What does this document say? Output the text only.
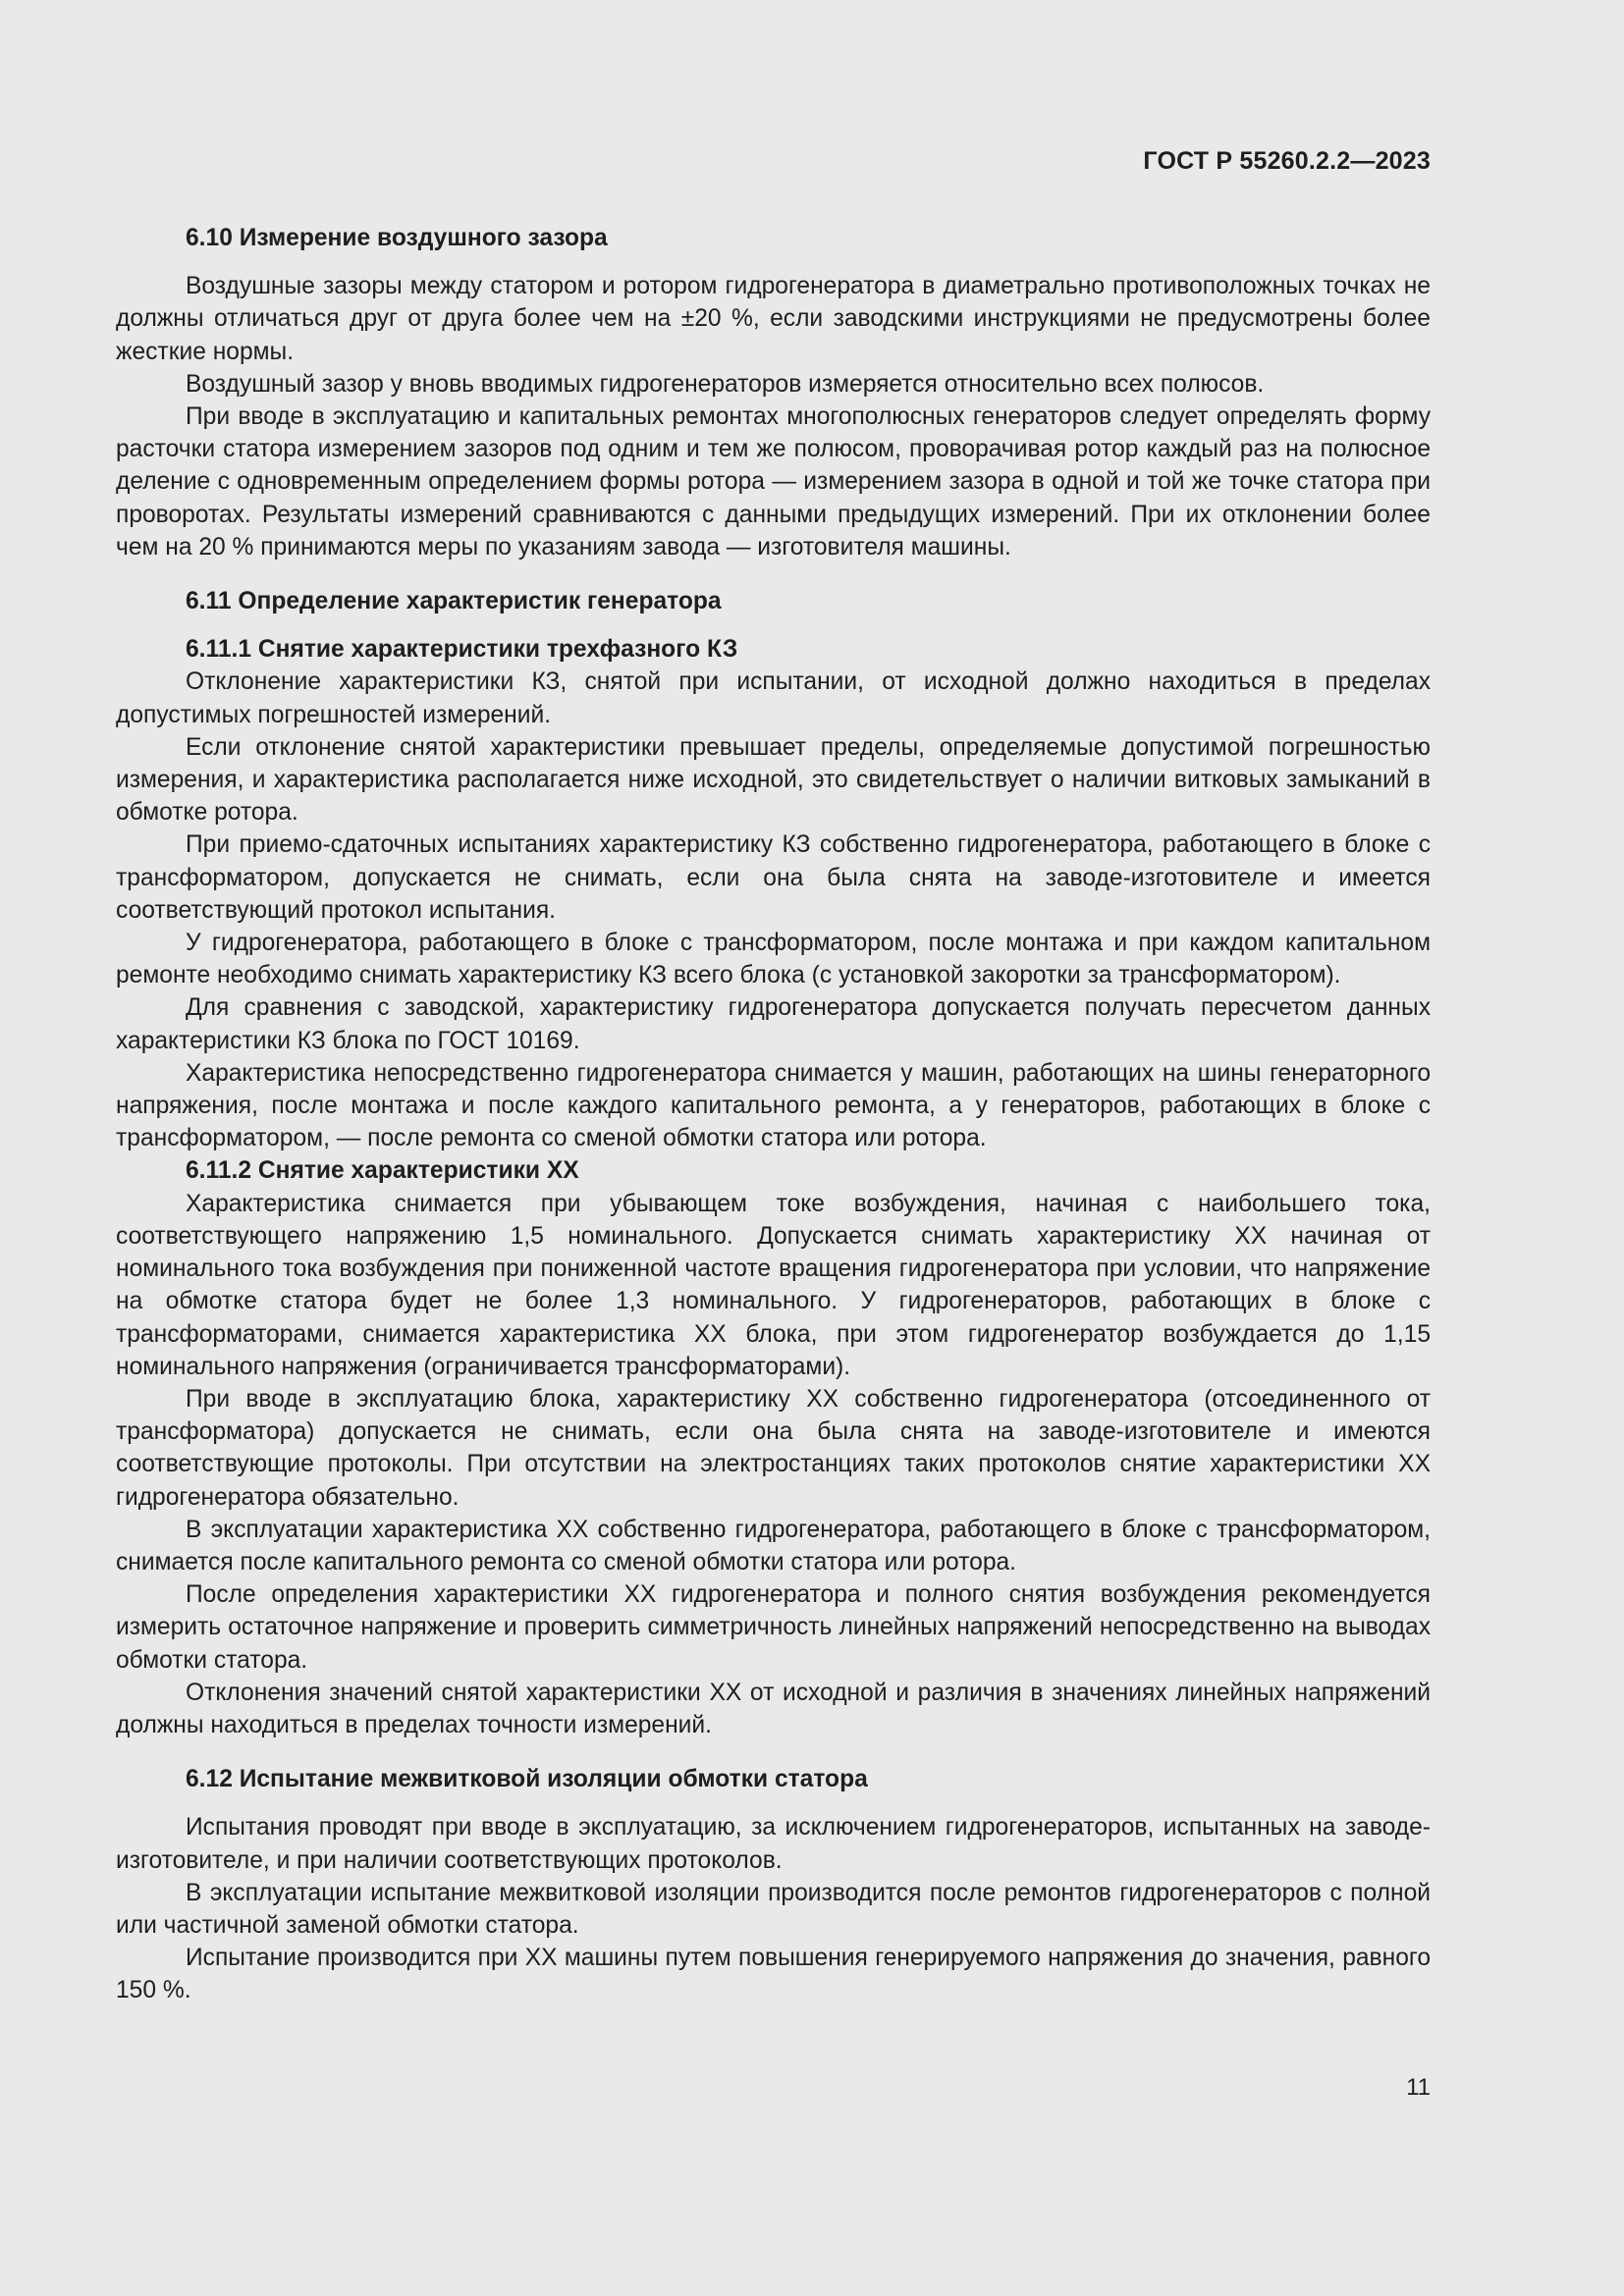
ГОСТ Р 55260.2.2—2023

6.10 Измерение воздушного зазора

Воздушные зазоры между статором и ротором гидрогенератора в диаметрально противоположных точках не должны отличаться друг от друга более чем на ±20 %, если заводскими инструкциями не предусмотрены более жесткие нормы.

Воздушный зазор у вновь вводимых гидрогенераторов измеряется относительно всех полюсов.

При вводе в эксплуатацию и капитальных ремонтах многополюсных генераторов следует определять форму расточки статора измерением зазоров под одним и тем же полюсом, проворачивая ротор каждый раз на полюсное деление с одновременным определением формы ротора — измерением зазора в одной и той же точке статора при проворотах. Результаты измерений сравниваются с данными предыдущих измерений. При их отклонении более чем на 20 % принимаются меры по указаниям завода — изготовителя машины.

6.11 Определение характеристик генератора

6.11.1 Снятие характеристики трехфазного КЗ

Отклонение характеристики КЗ, снятой при испытании, от исходной должно находиться в пределах допустимых погрешностей измерений.

Если отклонение снятой характеристики превышает пределы, определяемые допустимой погрешностью измерения, и характеристика располагается ниже исходной, это свидетельствует о наличии витковых замыканий в обмотке ротора.

При приемо-сдаточных испытаниях характеристику КЗ собственно гидрогенератора, работающего в блоке с трансформатором, допускается не снимать, если она была снята на заводе-изготовителе и имеется соответствующий протокол испытания.

У гидрогенератора, работающего в блоке с трансформатором, после монтажа и при каждом капитальном ремонте необходимо снимать характеристику КЗ всего блока (с установкой закоротки за трансформатором).

Для сравнения с заводской, характеристику гидрогенератора допускается получать пересчетом данных характеристики КЗ блока по ГОСТ 10169.

Характеристика непосредственно гидрогенератора снимается у машин, работающих на шины генераторного напряжения, после монтажа и после каждого капитального ремонта, а у генераторов, работающих в блоке с трансформатором, — после ремонта со сменой обмотки статора или ротора.

6.11.2 Снятие характеристики ХХ

Характеристика снимается при убывающем токе возбуждения, начиная с наибольшего тока, соответствующего напряжению 1,5 номинального. Допускается снимать характеристику ХХ начиная от номинального тока возбуждения при пониженной частоте вращения гидрогенератора при условии, что напряжение на обмотке статора будет не более 1,3 номинального. У гидрогенераторов, работающих в блоке с трансформаторами, снимается характеристика ХХ блока, при этом гидрогенератор возбуждается до 1,15 номинального напряжения (ограничивается трансформаторами).

При вводе в эксплуатацию блока, характеристику ХХ собственно гидрогенератора (отсоединенного от трансформатора) допускается не снимать, если она была снята на заводе-изготовителе и имеются соответствующие протоколы. При отсутствии на электростанциях таких протоколов снятие характеристики ХХ гидрогенератора обязательно.

В эксплуатации характеристика ХХ собственно гидрогенератора, работающего в блоке с трансформатором, снимается после капитального ремонта со сменой обмотки статора или ротора.

После определения характеристики ХХ гидрогенератора и полного снятия возбуждения рекомендуется измерить остаточное напряжение и проверить симметричность линейных напряжений непосредственно на выводах обмотки статора.

Отклонения значений снятой характеристики ХХ от исходной и различия в значениях линейных напряжений должны находиться в пределах точности измерений.

6.12 Испытание межвитковой изоляции обмотки статора

Испытания проводят при вводе в эксплуатацию, за исключением гидрогенераторов, испытанных на заводе-изготовителе, и при наличии соответствующих протоколов.

В эксплуатации испытание межвитковой изоляции производится после ремонтов гидрогенераторов с полной или частичной заменой обмотки статора.

Испытание производится при ХХ машины путем повышения генерируемого напряжения до значения, равного 150 %.

11
